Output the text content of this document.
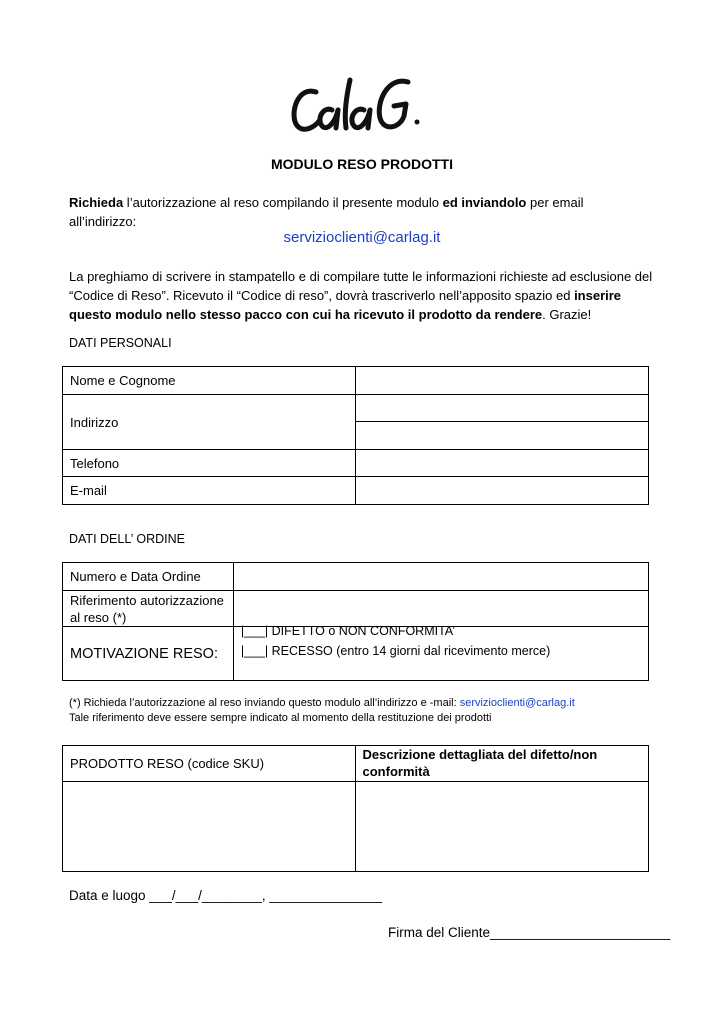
MODULO RESO PRODOTTI
Richieda l’autorizzazione al reso compilando il presente modulo ed inviandolo per email all’indirizzo:
servizioclienti@carlag.it
La preghiamo di scrivere in stampatello e di compilare tutte le informazioni richieste ad esclusione del “Codice di Reso”. Ricevuto il “Codice di reso”, dovrà trascriverlo nell’apposito spazio ed inserire questo modulo nello stesso pacco con cui ha ricevuto il prodotto da rendere. Grazie!
DATI PERSONALI
Nome e Cognome	
Indirizzo	

Telefono	
E-mail	
DATI DELL’ ORDINE
Numero e Data Ordine	
Riferimento autorizzazione al reso (*)	
MOTIVAZIONE RESO:	|___| DIFETTO o NON CONFORMITA’
|___| RECESSO (entro 14 giorni dal ricevimento merce)
(*) Richieda l’autorizzazione al reso inviando questo modulo all’indirizzo e -mail: servizioclienti@carlag.it
Tale riferimento deve essere sempre indicato al momento della restituzione dei prodotti
PRODOTTO RESO (codice SKU)	Descrizione dettagliata del difetto/non conformità

Data e luogo ___/___/________, _______________
Firma del Cliente________________________
